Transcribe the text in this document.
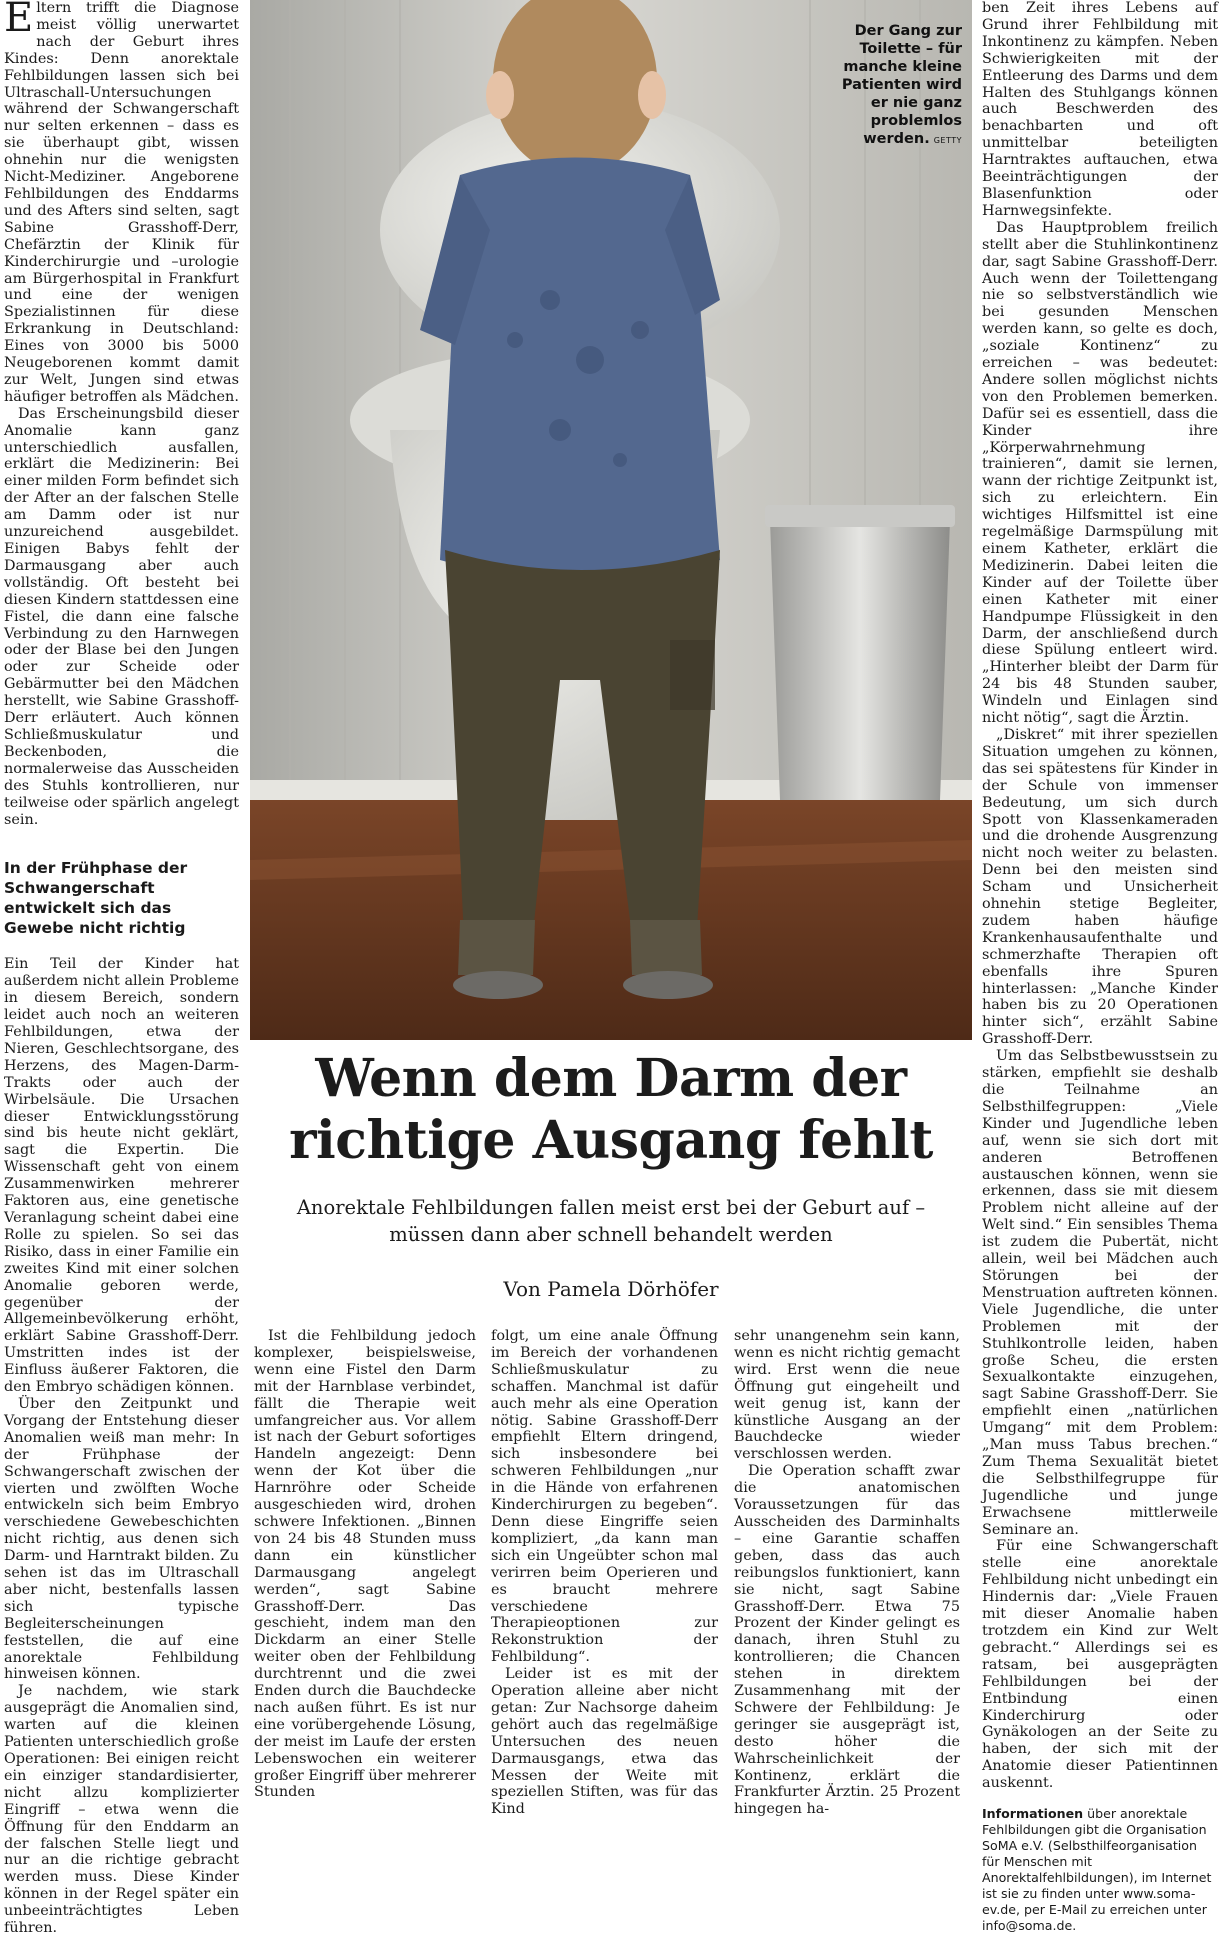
Eltern trifft die Diagnose meist völlig unerwartet nach der Geburt ihres Kindes: Denn anorektale Fehlbildungen lassen sich bei Ultraschall-Untersuchungen während der Schwangerschaft nur selten erkennen – dass es sie überhaupt gibt, wissen ohnehin nur die wenigsten Nicht-Mediziner. Angeborene Fehlbildungen des Enddarms und des Afters sind selten, sagt Sabine Grasshoff-Derr, Chefärztin der Klinik für Kinderchirurgie und –urologie am Bürgerhospital in Frankfurt und eine der wenigen Spezialistinnen für diese Erkrankung in Deutschland: Eines von 3000 bis 5000 Neugeborenen kommt damit zur Welt, Jungen sind etwas häufiger betroffen als Mädchen.

Das Erscheinungsbild dieser Anomalie kann ganz unterschiedlich ausfallen, erklärt die Medizinerin: Bei einer milden Form befindet sich der After an der falschen Stelle am Damm oder ist nur unzureichend ausgebildet. Einigen Babys fehlt der Darmausgang aber auch vollständig. Oft besteht bei diesen Kindern stattdessen eine Fistel, die dann eine falsche Verbindung zu den Harnwegen oder der Blase bei den Jungen oder zur Scheide oder Gebärmutter bei den Mädchen herstellt, wie Sabine Grasshoff-Derr erläutert. Auch können Schließmuskulatur und Beckenboden, die normalerweise das Ausscheiden des Stuhls kontrollieren, nur teilweise oder spärlich angelegt sein.

In der Frühphase der Schwangerschaft entwickelt sich das Gewebe nicht richtig

Ein Teil der Kinder hat außerdem nicht allein Probleme in diesem Bereich, sondern leidet auch noch an weiteren Fehlbildungen, etwa der Nieren, Geschlechtsorgane, des Herzens, des Magen-Darm-Trakts oder auch der Wirbelsäule. Die Ursachen dieser Entwicklungsstörung sind bis heute nicht geklärt, sagt die Expertin. Die Wissenschaft geht von einem Zusammenwirken mehrerer Faktoren aus, eine genetische Veranlagung scheint dabei eine Rolle zu spielen. So sei das Risiko, dass in einer Familie ein zweites Kind mit einer solchen Anomalie geboren werde, gegenüber der Allgemeinbevölkerung erhöht, erklärt Sabine Grasshoff-Derr. Umstritten indes ist der Einfluss äußerer Faktoren, die den Embryo schädigen können.

Über den Zeitpunkt und Vorgang der Entstehung dieser Anomalien weiß man mehr: In der Frühphase der Schwangerschaft zwischen der vierten und zwölften Woche entwickeln sich beim Embryo verschiedene Gewebeschichten nicht richtig, aus denen sich Darm- und Harntrakt bilden. Zu sehen ist das im Ultraschall aber nicht, bestenfalls lassen sich typische Begleiterscheinungen feststellen, die auf eine anorektale Fehlbildung hinweisen können.

Je nachdem, wie stark ausgeprägt die Anomalien sind, warten auf die kleinen Patienten unterschiedlich große Operationen: Bei einigen reicht ein einziger standardisierter, nicht allzu komplizierter Eingriff – etwa wenn die Öffnung für den Enddarm an der falschen Stelle liegt und nur an die richtige gebracht werden muss. Diese Kinder können in der Regel später ein unbeeinträchtigtes Leben führen.

Der Gang zur Toilette – für manche kleine Patienten wird er nie ganz problemlos werden. GETTY
Wenn dem Darm der
richtige Ausgang fehlt
Anorektale Fehlbildungen fallen meist erst bei der Geburt auf –
müssen dann aber schnell behandelt werden
Von Pamela Dörhöfer

Ist die Fehlbildung jedoch komplexer, beispielsweise, wenn eine Fistel den Darm mit der Harnblase verbindet, fällt die Therapie weit umfangreicher aus. Vor allem ist nach der Geburt sofortiges Handeln angezeigt: Denn wenn der Kot über die Harnröhre oder Scheide ausgeschieden wird, drohen schwere Infektionen. „Binnen von 24 bis 48 Stunden muss dann ein künstlicher Darmausgang angelegt werden“, sagt Sabine Grasshoff-Derr. Das geschieht, indem man den Dickdarm an einer Stelle weiter oben der Fehlbildung durchtrennt und die zwei Enden durch die Bauchdecke nach außen führt. Es ist nur eine vorübergehende Lösung, der meist im Laufe der ersten Lebenswochen ein weiterer großer Eingriff über mehrerer Stunden

folgt, um eine anale Öffnung im Bereich der vorhandenen Schließmuskulatur zu schaffen. Manchmal ist dafür auch mehr als eine Operation nötig. Sabine Grasshoff-Derr empfiehlt Eltern dringend, sich insbesondere bei schweren Fehlbildungen „nur in die Hände von erfahrenen Kinderchirurgen zu begeben“. Denn diese Eingriffe seien kompliziert, „da kann man sich ein Ungeübter schon mal verirren beim Operieren und es braucht mehrere verschiedene Therapieoptionen zur Rekonstruktion der Fehlbildung“.

Leider ist es mit der Operation alleine aber nicht getan: Zur Nachsorge daheim gehört auch das regelmäßige Untersuchen des neuen Darmausgangs, etwa das Messen der Weite mit speziellen Stiften, was für das Kind

sehr unangenehm sein kann, wenn es nicht richtig gemacht wird. Erst wenn die neue Öffnung gut eingeheilt und weit genug ist, kann der künstliche Ausgang an der Bauchdecke wieder verschlossen werden.

Die Operation schafft zwar die anatomischen Voraussetzungen für das Ausscheiden des Darminhalts – eine Garantie schaffen geben, dass das auch reibungslos funktioniert, kann sie nicht, sagt Sabine Grasshoff-Derr. Etwa 75 Prozent der Kinder gelingt es danach, ihren Stuhl zu kontrollieren; die Chancen stehen in direktem Zusammenhang mit der Schwere der Fehlbildung: Je geringer sie ausgeprägt ist, desto höher die Wahrscheinlichkeit der Kontinenz, erklärt die Frankfurter Ärztin. 25 Prozent hingegen ha-

ben Zeit ihres Lebens auf Grund ihrer Fehlbildung mit Inkontinenz zu kämpfen. Neben Schwierigkeiten mit der Entleerung des Darms und dem Halten des Stuhlgangs können auch Beschwerden des benachbarten und oft unmittelbar beteiligten Harntraktes auftauchen, etwa Beeinträchtigungen der Blasenfunktion oder Harnwegsinfekte.

Das Hauptproblem freilich stellt aber die Stuhlinkontinenz dar, sagt Sabine Grasshoff-Derr. Auch wenn der Toilettengang nie so selbstverständlich wie bei gesunden Menschen werden kann, so gelte es doch, „soziale Kontinenz“ zu erreichen – was bedeutet: Andere sollen möglichst nichts von den Problemen bemerken. Dafür sei es essentiell, dass die Kinder ihre „Körperwahrnehmung trainieren“, damit sie lernen, wann der richtige Zeitpunkt ist, sich zu erleichtern. Ein wichtiges Hilfsmittel ist eine regelmäßige Darmspülung mit einem Katheter, erklärt die Medizinerin. Dabei leiten die Kinder auf der Toilette über einen Katheter mit einer Handpumpe Flüssigkeit in den Darm, der anschließend durch diese Spülung entleert wird. „Hinterher bleibt der Darm für 24 bis 48 Stunden sauber, Windeln und Einlagen sind nicht nötig“, sagt die Ärztin.

„Diskret“ mit ihrer speziellen Situation umgehen zu können, das sei spätestens für Kinder in der Schule von immenser Bedeutung, um sich durch Spott von Klassenkameraden und die drohende Ausgrenzung nicht noch weiter zu belasten. Denn bei den meisten sind Scham und Unsicherheit ohnehin stetige Begleiter, zudem haben häufige Krankenhausaufenthalte und schmerzhafte Therapien oft ebenfalls ihre Spuren hinterlassen: „Manche Kinder haben bis zu 20 Operationen hinter sich“, erzählt Sabine Grasshoff-Derr.

Um das Selbstbewusstsein zu stärken, empfiehlt sie deshalb die Teilnahme an Selbsthilfegruppen: „Viele Kinder und Jugendliche leben auf, wenn sie sich dort mit anderen Betroffenen austauschen können, wenn sie erkennen, dass sie mit diesem Problem nicht alleine auf der Welt sind.“ Ein sensibles Thema ist zudem die Pubertät, nicht allein, weil bei Mädchen auch Störungen bei der Menstruation auftreten können. Viele Jugendliche, die unter Problemen mit der Stuhlkontrolle leiden, haben große Scheu, die ersten Sexualkontakte einzugehen, sagt Sabine Grasshoff-Derr. Sie empfiehlt einen „natürlichen Umgang“ mit dem Problem: „Man muss Tabus brechen.“ Zum Thema Sexualität bietet die Selbsthilfegruppe für Jugendliche und junge Erwachsene mittlerweile Seminare an.

Für eine Schwangerschaft stelle eine anorektale Fehlbildung nicht unbedingt ein Hindernis dar: „Viele Frauen mit dieser Anomalie haben trotzdem ein Kind zur Welt gebracht.“ Allerdings sei es ratsam, bei ausgeprägten Fehlbildungen bei der Entbindung einen Kinderchirurg oder Gynäkologen an der Seite zu haben, der sich mit der Anatomie dieser Patientinnen auskennt.

Informationen über anorektale Fehlbildungen gibt die Organisation SoMA e.V. (Selbsthilfeorganisation für Menschen mit Anorektalfehlbildungen), im Internet ist sie zu finden unter www.soma-ev.de, per E-Mail zu erreichen unter info@soma.de.
